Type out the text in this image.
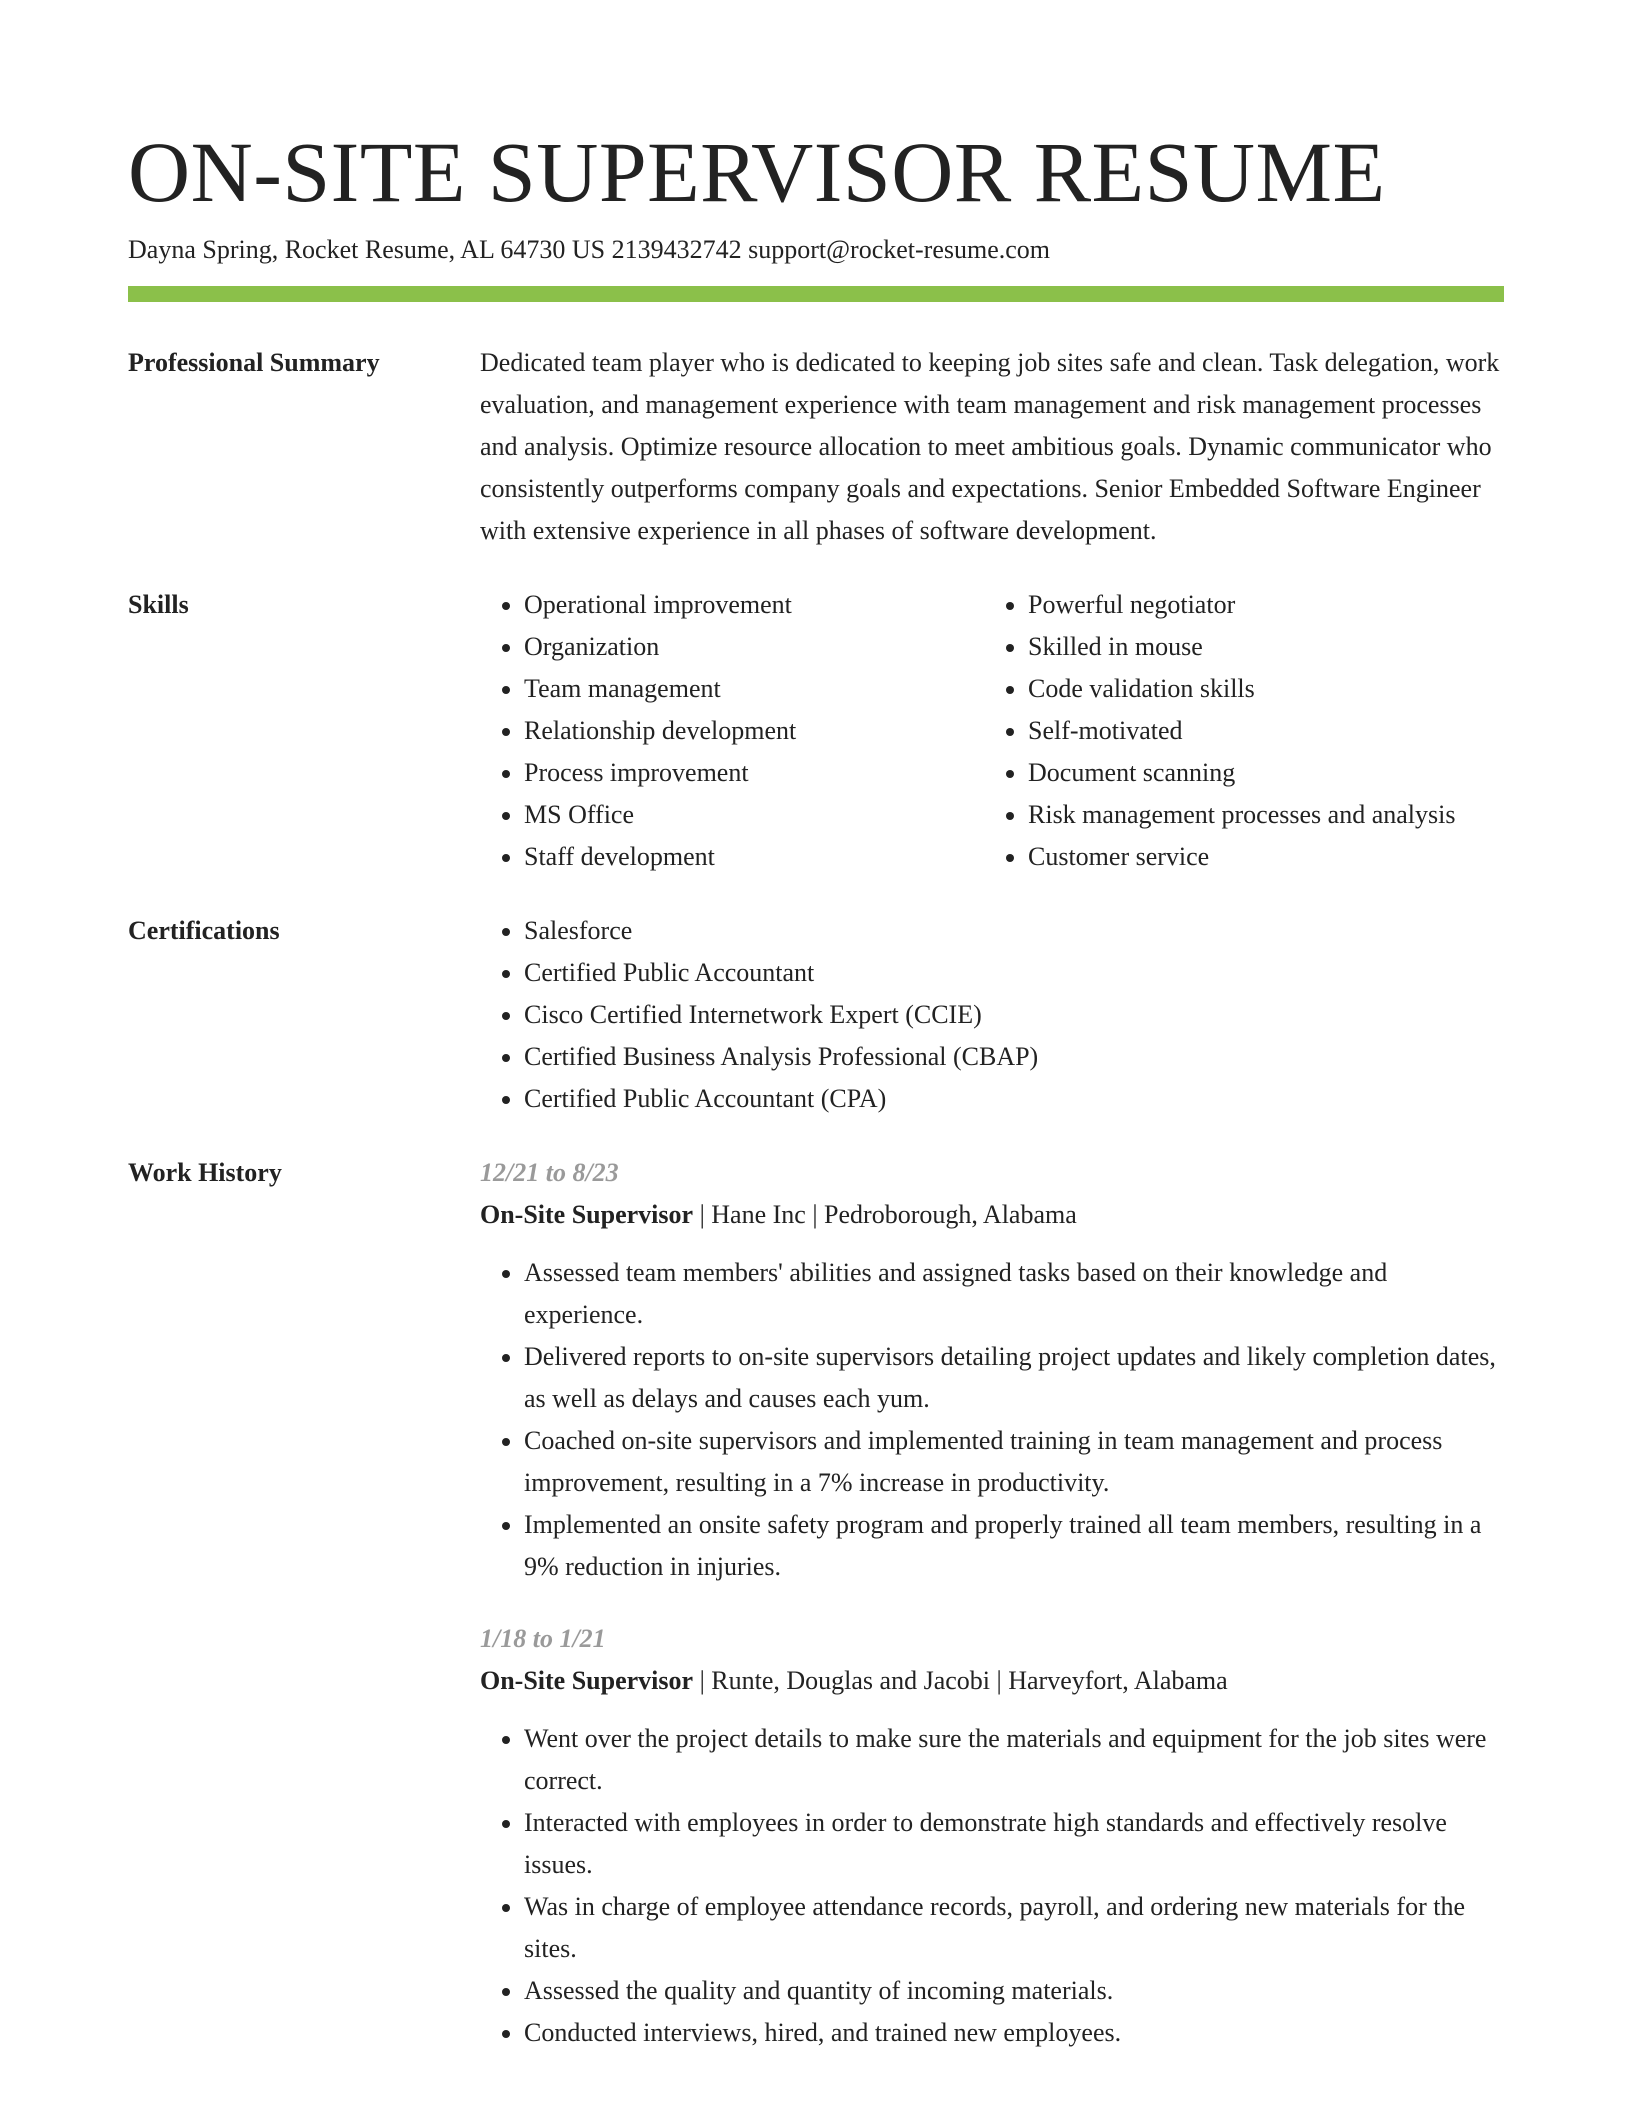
ON-SITE SUPERVISOR RESUME
Dayna Spring, Rocket Resume, AL 64730 US 2139432742 support@rocket-resume.com
Professional Summary	Dedicated team player who is dedicated to keeping job sites safe and clean. Task delegation, work evaluation, and management experience with team management and risk management processes and analysis. Optimize resource allocation to meet ambitious goals. Dynamic communicator who consistently outperforms company goals and expectations. Senior Embedded Software Engineer with extensive experience in all phases of software development.
Skills	• Operational improvement
• Organization
• Team management
• Relationship development
• Process improvement
• MS Office
• Staff development
• Powerful negotiator
• Skilled in mouse
• Code validation skills
• Self-motivated
• Document scanning
• Risk management processes and analysis
• Customer service
Certifications	• Salesforce
• Certified Public Accountant
• Cisco Certified Internetwork Expert (CCIE)
• Certified Business Analysis Professional (CBAP)
• Certified Public Accountant (CPA)
Work History	12/21 to 8/23
On-Site Supervisor | Hane Inc | Pedroborough, Alabama
• Assessed team members' abilities and assigned tasks based on their knowledge and experience.
• Delivered reports to on-site supervisors detailing project updates and likely completion dates, as well as delays and causes each yum.
• Coached on-site supervisors and implemented training in team management and process improvement, resulting in a 7% increase in productivity.
• Implemented an onsite safety program and properly trained all team members, resulting in a 9% reduction in injuries.
1/18 to 1/21
On-Site Supervisor | Runte, Douglas and Jacobi | Harveyfort, Alabama
• Went over the project details to make sure the materials and equipment for the job sites were correct.
• Interacted with employees in order to demonstrate high standards and effectively resolve issues.
• Was in charge of employee attendance records, payroll, and ordering new materials for the sites.
• Assessed the quality and quantity of incoming materials.
• Conducted interviews, hired, and trained new employees.
